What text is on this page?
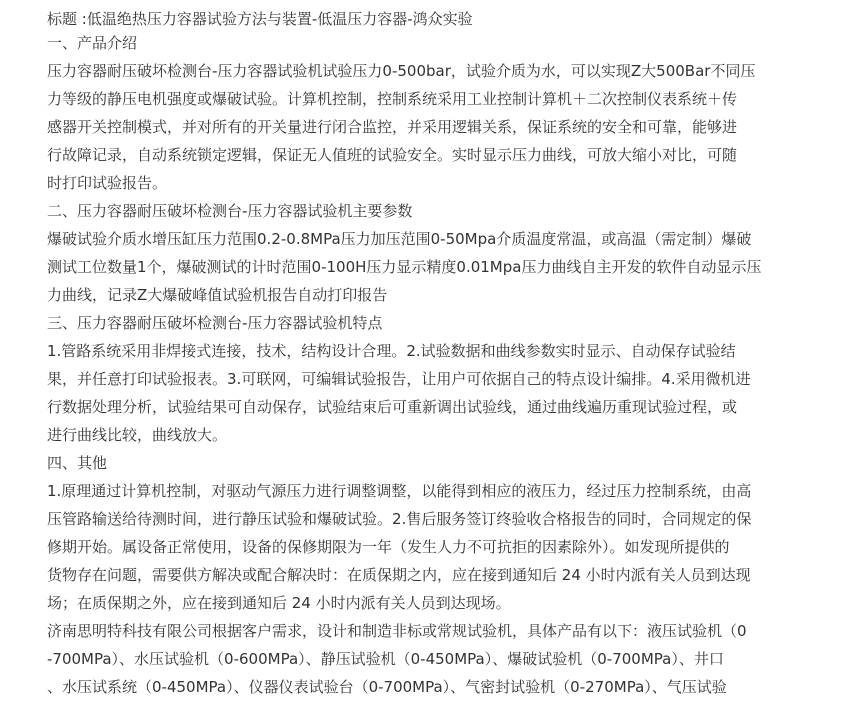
标题 :低温绝热压力容器试验方法与装置-低温压力容器-鸿众实验
一、产品介绍
压力容器耐压破坏检测台-压力容器试验机试验压力0-500bar，试验介质为水，可以实现Z大500Bar不同压
力等级的静压电机强度或爆破试验。计算机控制，控制系统采用工业控制计算机＋二次控制仪表系统＋传
感器开关控制模式，并对所有的开关量进行闭合监控，并采用逻辑关系，保证系统的安全和可靠，能够进
行故障记录，自动系统锁定逻辑，保证无人值班的试验安全。实时显示压力曲线，可放大缩小对比，可随
时打印试验报告。
二、压力容器耐压破坏检测台-压力容器试验机主要参数
爆破试验介质水增压缸压力范围0.2-0.8MPa压力加压范围0-50Mpa介质温度常温，或高温（需定制）爆破
测试工位数量1个，爆破测试的计时范围0-100H压力显示精度0.01Mpa压力曲线自主开发的软件自动显示压
力曲线，记录Z大爆破峰值试验机报告自动打印报告
三、压力容器耐压破坏检测台-压力容器试验机特点
1.管路系统采用非焊接式连接，技术，结构设计合理。2.试验数据和曲线参数实时显示、自动保存试验结
果，并任意打印试验报表。3.可联网，可编辑试验报告，让用户可依据自己的特点设计编排。4.采用微机进
行数据处理分析，试验结果可自动保存，试验结束后可重新调出试验线，通过曲线遍历重现试验过程，或
进行曲线比较，曲线放大。
四、其他
1.原理通过计算机控制，对驱动气源压力进行调整调整，以能得到相应的液压力，经过压力控制系统，由高
压管路输送给待测时间，进行静压试验和爆破试验。2.售后服务签订终验收合格报告的同时，合同规定的保
修期开始。属设备正常使用，设备的保修期限为一年（发生人力不可抗拒的因素除外）。如发现所提供的
货物存在问题，需要供方解决或配合解决时：在质保期之内，应在接到通知后 24 小时内派有关人员到达现
场；在质保期之外，应在接到通知后 24 小时内派有关人员到达现场。
济南思明特科技有限公司根据客户需求，设计和制造非标或常规试验机，具体产品有以下：液压试验机（0
-700MPa）、水压试验机（0-600MPa）、静压试验机（0-450MPa）、爆破试验机（0-700MPa）、井口
、水压试系统（0-450MPa）、仪器仪表试验台（0-700MPa）、气密封试验机（0-270MPa）、气压试验
